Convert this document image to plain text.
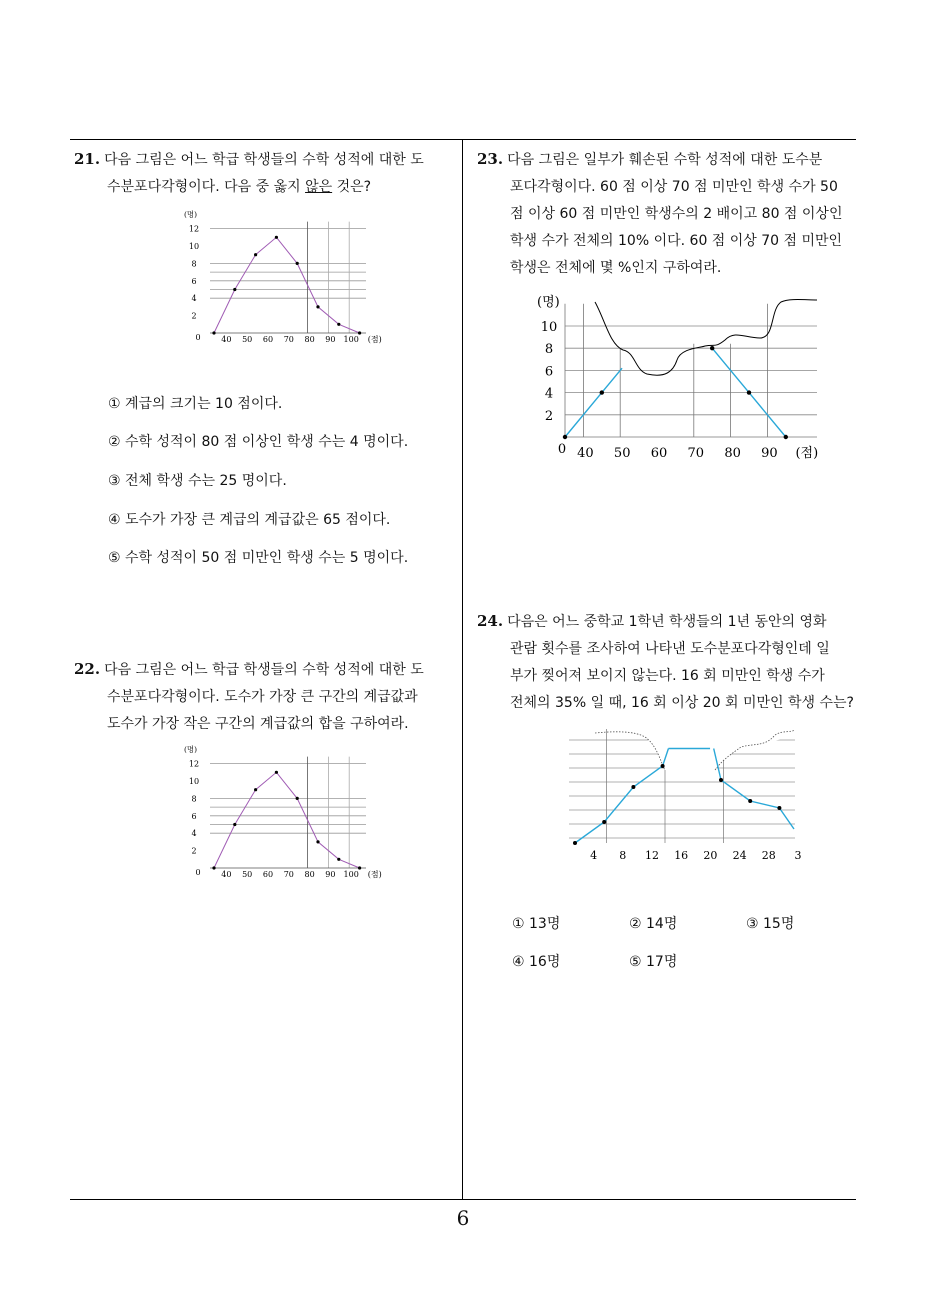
21. 다음 그림은 어느 학급 학생들의 수학 성적에 대한 도

수분포다각형이다. 다음 중 옳지 않은 것은?

(명)
2
4
6
8
10
12
0	40 50 60 70 80 90 100 (점)
① 계급의 크기는 10 점이다.
② 수학 성적이 80 점 이상인 학생 수는 4 명이다.
③ 전체 학생 수는 25 명이다.
④ 도수가 가장 큰 계급의 계급값은 65 점이다.
⑤ 수학 성적이 50 점 미만인 학생 수는 5 명이다.

22. 다음 그림은 어느 학급 학생들의 수학 성적에 대한 도

수분포다각형이다. 도수가 가장 큰 구간의 계급값과

도수가 가장 작은 구간의 계급값의 합을 구하여라.

(명)
2
4
6
8
10
12
0	40 50 60 70 80 90 100 (점)

23. 다음 그림은 일부가 훼손된 수학 성적에 대한 도수분

포다각형이다. 60 점 이상 70 점 미만인 학생 수가 50

점 이상 60 점 미만인 학생수의 2 배이고 80 점 이상인

학생 수가 전체의 10% 이다. 60 점 이상 70 점 미만인

학생은 전체에 몇 %인지 구하여라.

(명)
2
4
6
8
10
0 40 50 60 70 80 90 (점)

24. 다음은 어느 중학교 1학년 학생들의 1년 동안의 영화

관람 횟수를 조사하여 나타낸 도수분포다각형인데 일

부가 찢어져 보이지 않는다. 16 회 미만인 학생 수가

전체의 35% 일 때, 16 회 이상 20 회 미만인 학생 수는?

4 8 12 16 20 24 28 3
① 13명	② 14명	③ 15명
④ 16명	⑤ 17명
6
